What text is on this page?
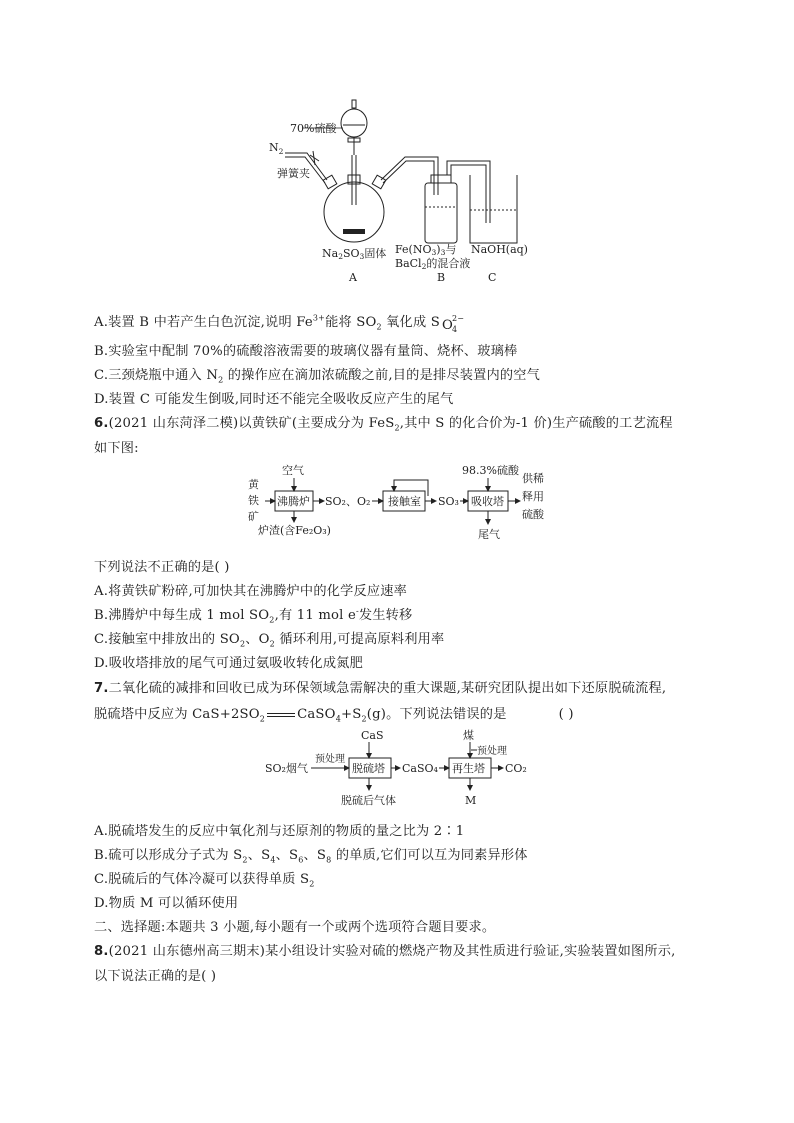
70%硫酸
$N_2$
弹簧夹
Na2SO3固体 Fe(NO3)3与
BaCl2的混合液
NaOH(aq)
A	B	C
A.装置 B 中若产生白色沉淀,说明 $Fe^{3+}$能将 $SO_2$ 氧化成 S O
2−
4
B.实验室中配制 70%的硫酸溶液需要的玻璃仪器有量筒、烧杯、玻璃棒
C.三颈烧瓶中通入 $N_2$ 的操作应在滴加浓硫酸之前,目的是排尽装置内的空气
D.装置 C 可能发生倒吸,同时还不能完全吸收反应产生的尾气
6.(2021 山东菏泽二模)以黄铁矿(主要成分为 FeS$_2$,其中 S 的化合价为-1 价)生产硫酸的工艺流程
如下图:
黄
铁
矿
空气
沸腾炉 SO₂、O₂ 接触室 SO₃
98.3%硫酸
吸收塔
炉渣(含Fe₂O₃)	尾气
供稀
释用
硫酸
下列说法不正确的是( )
A.将黄铁矿粉碎,可加快其在沸腾炉中的化学反应速率
B.沸腾炉中每生成 1 mol $SO_2$,有 11 mol e-发生转移
C.接触室中排放出的 $SO_2$、$O_2$ 循环利用,可提高原料利用率
D.吸收塔排放的尾气可通过氨吸收转化成氮肥
7.二氧化硫的减排和回收已成为环保领域急需解决的重大课题,某研究团队提出如下还原脱硫流程,
脱硫塔中反应为 $CaS+2SO_2$ $CaSO_4+S_2(g)$。下列说法错误的是	( )
CaS	煤
SO₂烟气
预处理
脱硫塔 CaSO₄
预处理
再生塔 CO₂
脱硫后气体	M
A.脱硫塔发生的反应中氧化剂与还原剂的物质的量之比为 2∶1
B.硫可以形成分子式为 $S_2$、$S_4$、$S_6$、$S_8$ 的单质,它们可以互为同素异形体
C.脱硫后的气体冷凝可以获得单质 $S_2$
D.物质 M 可以循环使用
二、选择题:本题共 3 小题,每小题有一个或两个选项符合题目要求。
8.(2021 山东德州高三期末)某小组设计实验对硫的燃烧产物及其性质进行验证,实验装置如图所示,
以下说法正确的是( )
